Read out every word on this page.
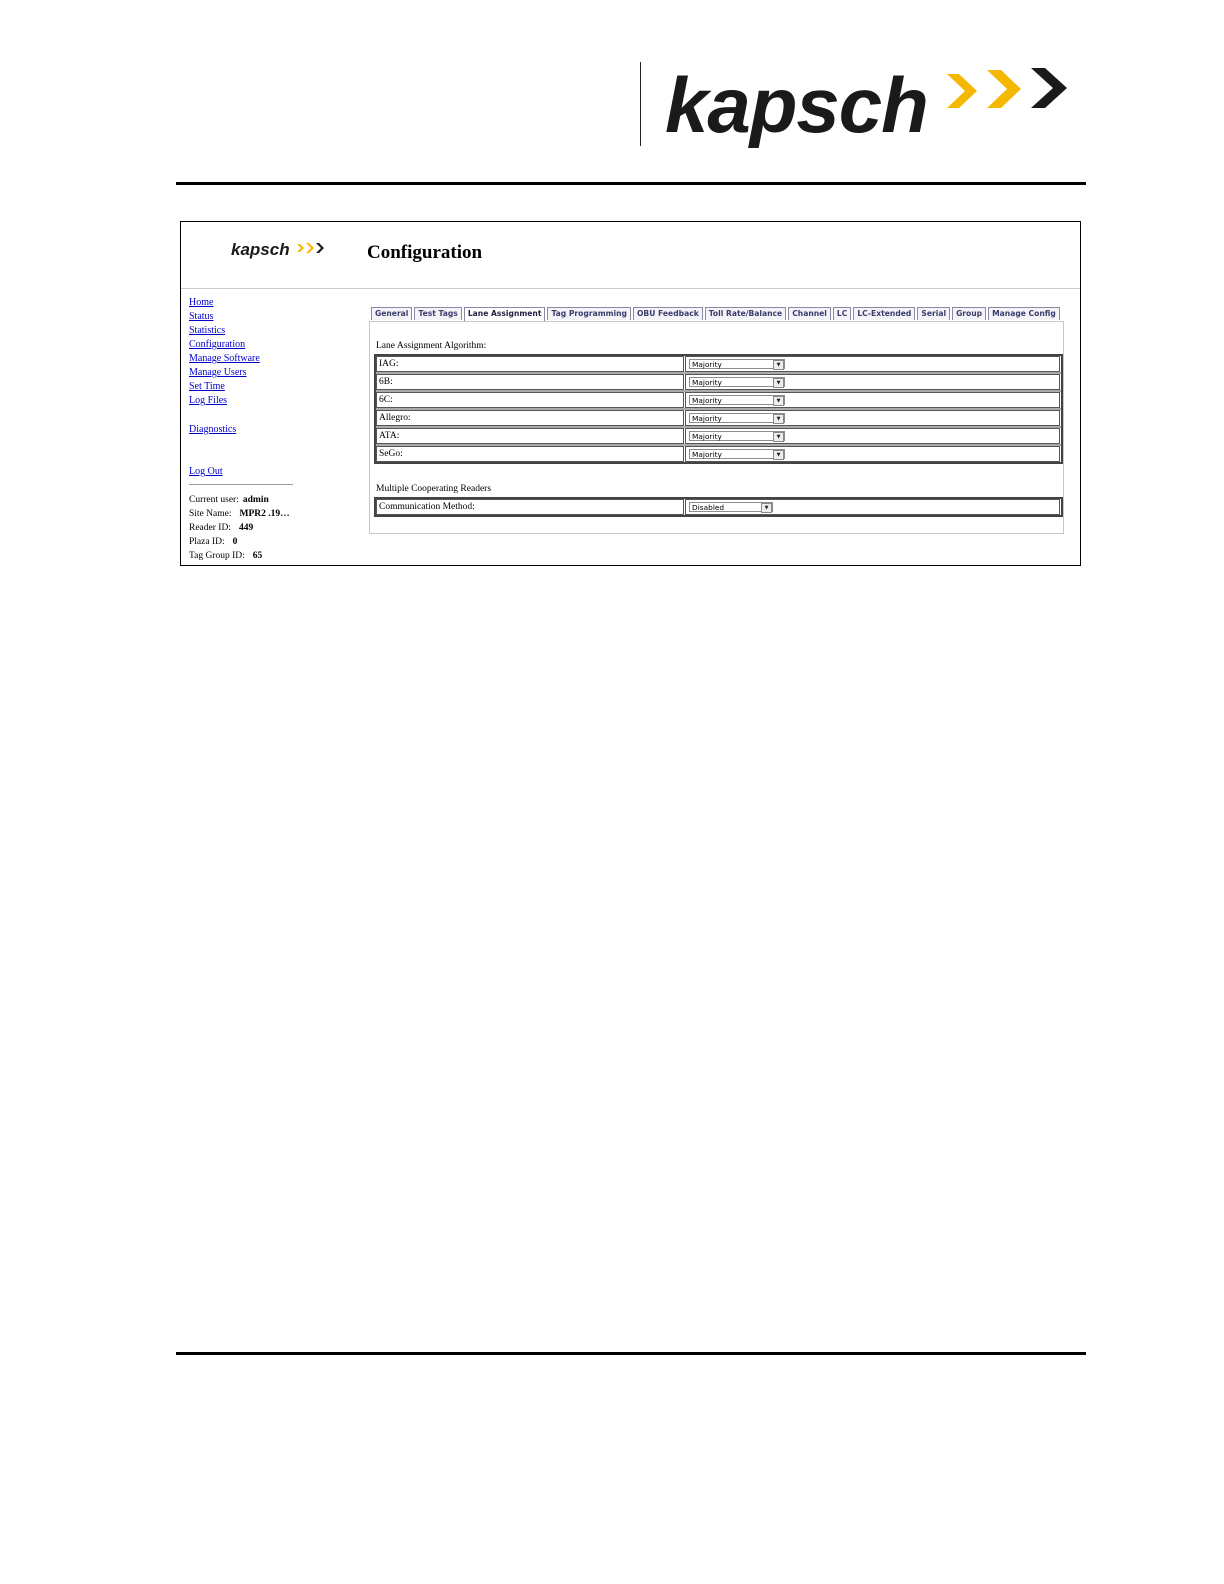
kapsch
kapsch	Configuration
Home
Status
Statistics
Configuration
Manage Software
Manage Users
Set Time
Log Files
Diagnostics
Log Out
Current user: admin
Site Name: MPR2 .19…
Reader ID: 449
Plaza ID: 0
Tag Group ID: 65
General	Test Tags	Lane Assignment	Tag Programming	OBU Feedback	Toll Rate/Balance	Channel	LC	LC-Extended	Serial	Group	Manage Config
Lane Assignment Algorithm:
IAG:	Majority	▼
6B:	Majority	▼
6C:	Majority	▼
Allegro:	Majority	▼
ATA:	Majority	▼
SeGo:	Majority	▼
Multiple Cooperating Readers
Communication Method:	Disabled	▼
